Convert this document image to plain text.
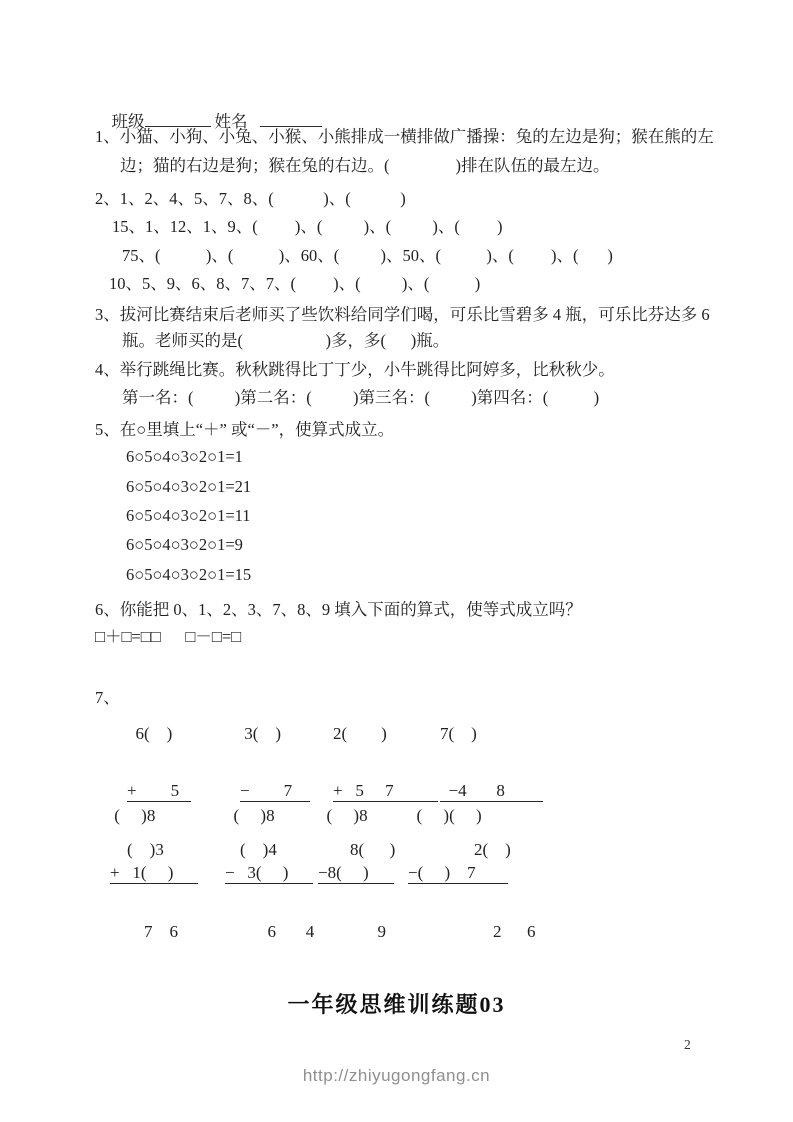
班级	姓名

1、小猫、小狗、小兔、小猴、小熊排成一横排做广播操：兔的左边是狗；猴在熊的左
边；猫的右边是狗；猴在兔的右边。(                )排在队伍的最左边。
2、1、2、4、5、7、8、(            )、(            )
15、1、12、1、9、(         )、(          )、(          )、(         )
75、(           )、(           )、60、(          )、50、(           )、(         )、(       )
10、5、9、6、8、7、7、(         )、(          )、(           )
3、拔河比赛结束后老师买了些饮料给同学们喝，可乐比雪碧多 4 瓶，可乐比芬达多 6
瓶。老师买的是(                    )多，多(      )瓶。
4、举行跳绳比赛。秋秋跳得比丁丁少，小牛跳得比阿婷多，比秋秋少。
第一名：(          )第二名：(          )第三名：(          )第四名：(           )
5、在○里填上“＋” 或“－”，使算式成立。
6○5○4○3○2○1=1
6○5○4○3○2○1=21
6○5○4○3○2○1=11
6○5○4○3○2○1=9
6○5○4○3○2○1=15
6、你能把 0、1、2、3、7、8、9 填入下面的算式，使等式成立吗？
□＋□=□□      □－□=□
7、

6(    )

+        5

(    )3

3(    )

−        7

(    )4

2(        )

+   5     7

8(      )

7(    )

−4       8

2(    )

(     )8

+   1(     )

7    6

(     )8

−   3(     )

6       4

(     )8

−8(     )

9

(     )(     )

−(     )    7

2      6

一年级思维训练题03
2
http://zhiyugongfang.cn
